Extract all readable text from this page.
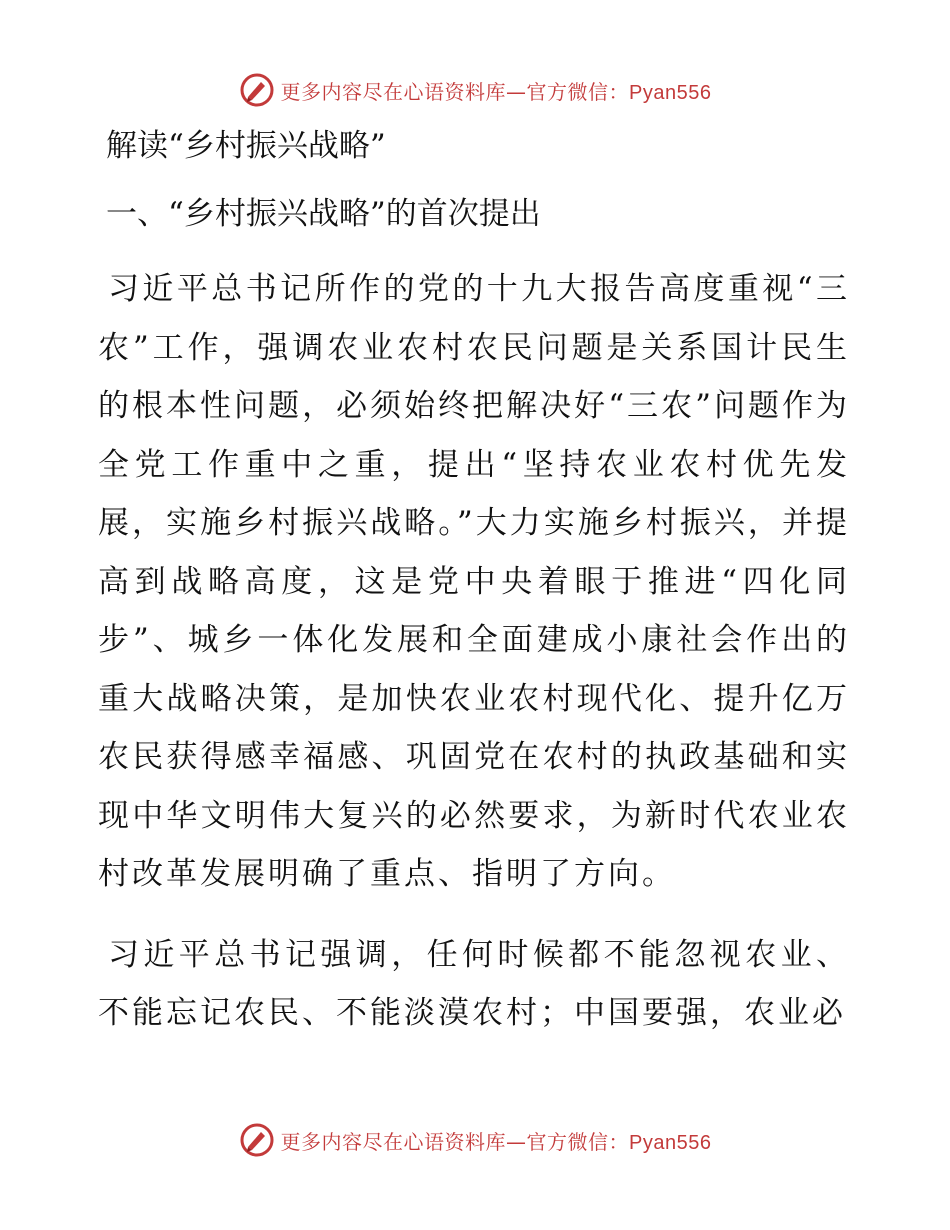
更多内容尽在心语资料库—官方微信：Pyan556
解读“乡村振兴战略”
一、“乡村振兴战略”的首次提出

习近平总书记所作的党的十九大报告高度重视“三农”工作，强调农业农村农民问题是关系国计民生的根本性问题，必须始终把解决好“三农”问题作为全党工作重中之重，提出“坚持农业农村优先发展，实施乡村振兴战略。”大力实施乡村振兴，并提高到战略高度，这是党中央着眼于推进“四化同步”、城乡一体化发展和全面建成小康社会作出的重大战略决策，是加快农业农村现代化、提升亿万农民获得感幸福感、巩固党在农村的执政基础和实现中华文明伟大复兴的必然要求，为新时代农业农村改革发展明确了重点、指明了方向。

习近平总书记强调，任何时候都不能忽视农业、不能忘记农民、不能淡漠农村；中国要强，农业必

更多内容尽在心语资料库—官方微信：Pyan556
